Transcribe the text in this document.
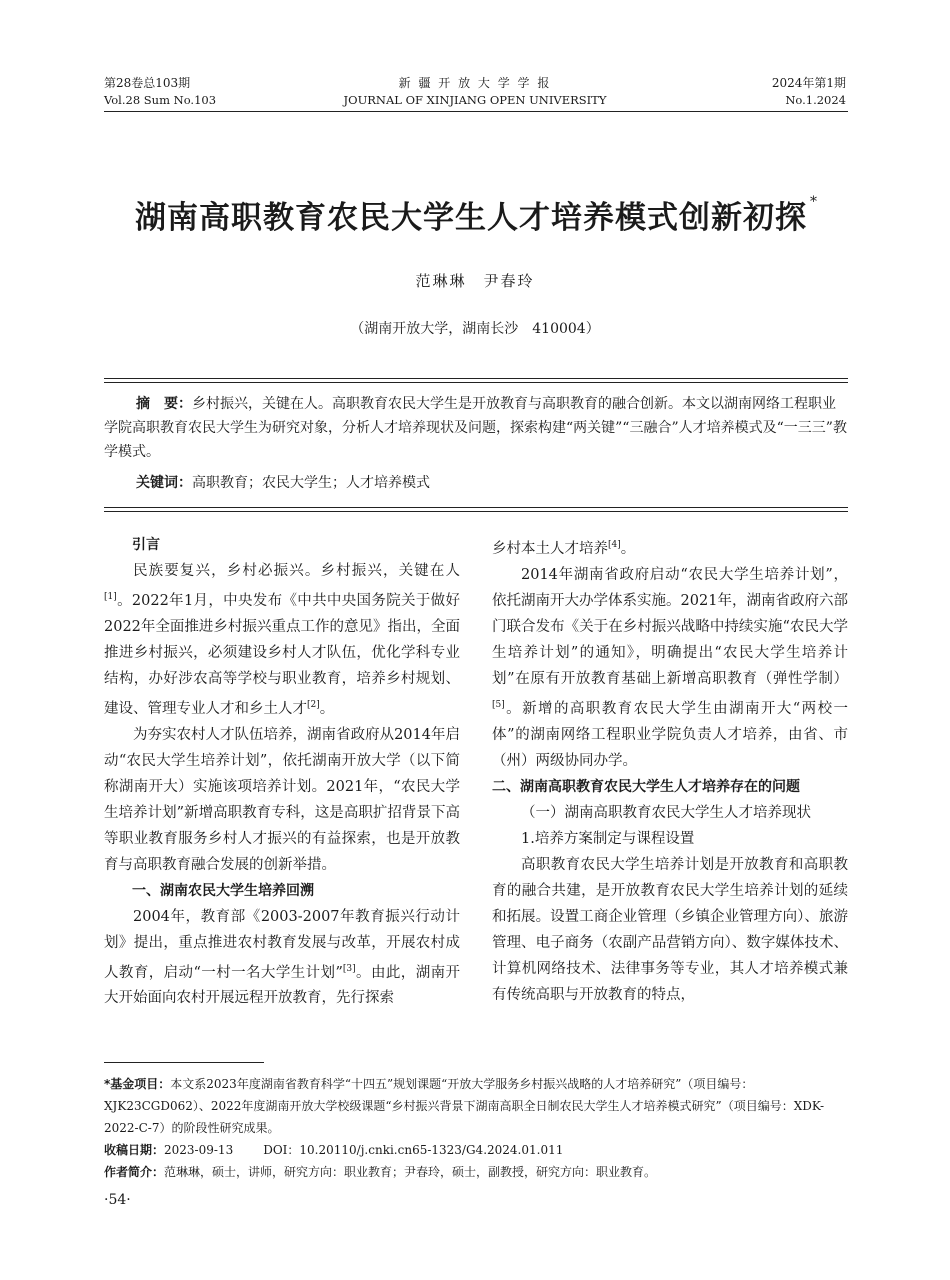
第28卷总103期
Vol.28 Sum No.103
新 疆 开 放 大 学 学 报
JOURNAL OF XINJIANG OPEN UNIVERSITY
2024年第1期
No.1.2024
湖南高职教育农民大学生人才培养模式创新初探 *
范琳琳　尹春玲
（湖南开放大学，湖南长沙　410004）
摘　要：乡村振兴，关键在人。高职教育农民大学生是开放教育与高职教育的融合创新。本文以湖南网络工程职业学院高职教育农民大学生为研究对象，分析人才培养现状及问题，探索构建“两关键”“三融合”人才培养模式及“一三三”教学模式。
关键词：高职教育；农民大学生；人才培养模式
引言

民族要复兴，乡村必振兴。乡村振兴，关键在人[1]。2022年1月，中央发布《中共中央国务院关于做好2022年全面推进乡村振兴重点工作的意见》指出，全面推进乡村振兴，必须建设乡村人才队伍，优化学科专业结构，办好涉农高等学校与职业教育，培养乡村规划、建设、管理专业人才和乡土人才[2]。

为夯实农村人才队伍培养，湖南省政府从2014年启动“农民大学生培养计划”，依托湖南开放大学（以下简称湖南开大）实施该项培养计划。2021年，“农民大学生培养计划”新增高职教育专科，这是高职扩招背景下高等职业教育服务乡村人才振兴的有益探索，也是开放教育与高职教育融合发展的创新举措。

一、湖南农民大学生培养回溯

2004年，教育部《2003-2007年教育振兴行动计划》提出，重点推进农村教育发展与改革，开展农村成人教育，启动“一村一名大学生计划”[3]。由此，湖南开大开始面向农村开展远程开放教育，先行探索

乡村本土人才培养[4]。

2014年湖南省政府启动“农民大学生培养计划”，依托湖南开大办学体系实施。2021年，湖南省政府六部门联合发布《关于在乡村振兴战略中持续实施“农民大学生培养计划”的通知》，明确提出“农民大学生培养计划”在原有开放教育基础上新增高职教育（弹性学制）[5]。新增的高职教育农民大学生由湖南开大“两校一体”的湖南网络工程职业学院负责人才培养，由省、市（州）两级协同办学。

二、湖南高职教育农民大学生人才培养存在的问题

（一）湖南高职教育农民大学生人才培养现状

1.培养方案制定与课程设置

高职教育农民大学生培养计划是开放教育和高职教育的融合共建，是开放教育农民大学生培养计划的延续和拓展。设置工商企业管理（乡镇企业管理方向）、旅游管理、电子商务（农副产品营销方向）、数字媒体技术、计算机网络技术、法律事务等专业，其人才培养模式兼有传统高职与开放教育的特点，

*基金项目：本文系2023年度湖南省教育科学“十四五”规划课题“开放大学服务乡村振兴战略的人才培养研究”（项目编号：XJK23CGD062）、2022年度湖南开放大学校级课题“乡村振兴背景下湖南高职全日制农民大学生人才培养模式研究”（项目编号：XDK-2022-C-7）的阶段性研究成果。
收稿日期：2023-09-13	DOI：10.20110/j.cnki.cn65-1323/G4.2024.01.011
作者简介：范琳琳，硕士，讲师，研究方向：职业教育；尹春玲，硕士，副教授，研究方向：职业教育。
·54·
